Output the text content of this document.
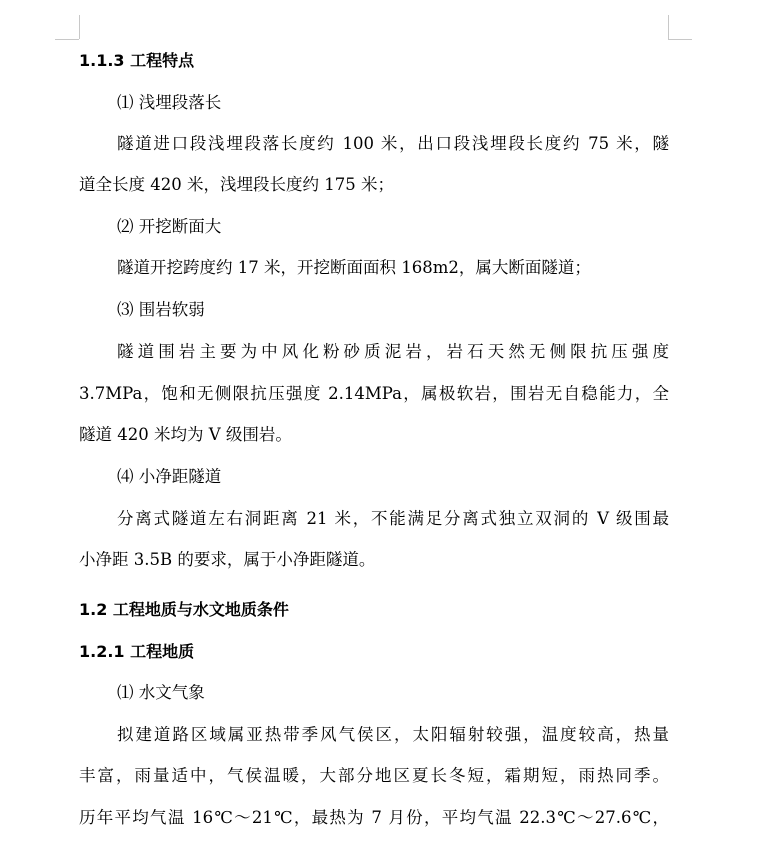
1.1.3 工程特点
⑴ 浅埋段落长
隧道进口段浅埋段落长度约 100 米，出口段浅埋段长度约 75 米，隧
道全长度 420 米，浅埋段长度约 175 米；
⑵ 开挖断面大
隧道开挖跨度约 17 米，开挖断面面积 168m2，属大断面隧道；
⑶ 围岩软弱
隧道围岩主要为中风化粉砂质泥岩，岩石天然无侧限抗压强度
3.7MPa，饱和无侧限抗压强度 2.14MPa，属极软岩，围岩无自稳能力，全
隧道 420 米均为 V 级围岩。
⑷ 小净距隧道
分离式隧道左右洞距离 21 米，不能满足分离式独立双洞的 V 级围最
小净距 3.5B 的要求，属于小净距隧道。
1.2 工程地质与水文地质条件
1.2.1 工程地质
⑴ 水文气象
拟建道路区域属亚热带季风气侯区，太阳辐射较强，温度较高，热量
丰富，雨量适中，气侯温暖，大部分地区夏长冬短，霜期短，雨热同季。
历年平均气温 16℃～21℃，最热为 7 月份，平均气温 22.3℃～27.6℃，
